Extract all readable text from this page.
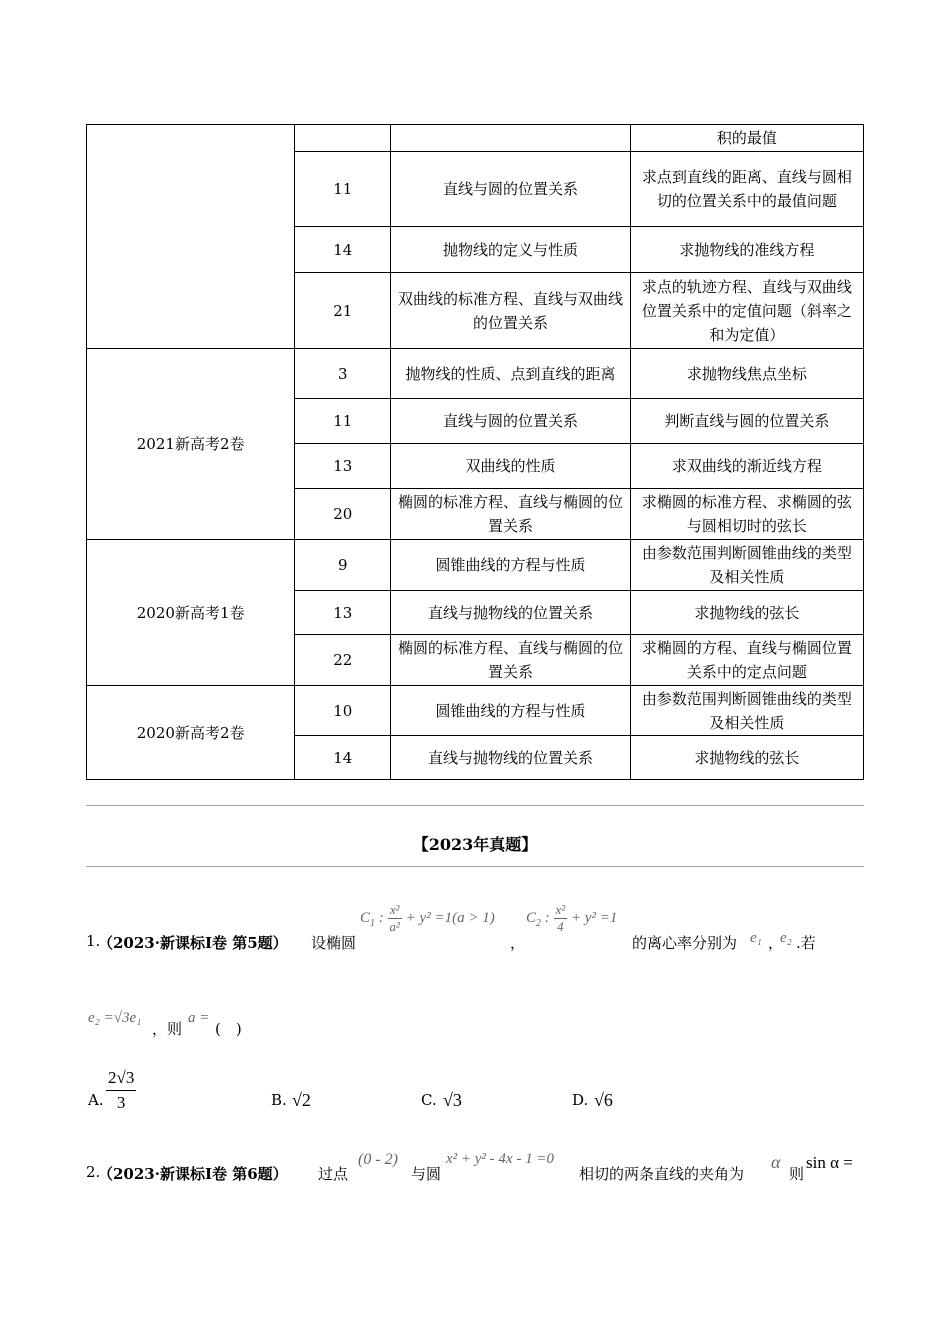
			积的最值
	11	直线与圆的位置关系	求点到直线的距离、直线与圆相切的位置关系中的最值问题
	14	抛物线的定义与性质	求抛物线的准线方程
	21	双曲线的标准方程、直线与双曲线的位置关系	求点的轨迹方程、直线与双曲线位置关系中的定值问题（斜率之和为定值）
2021新高考2卷	3	抛物线的性质、点到直线的距离	求抛物线焦点坐标
	11	直线与圆的位置关系	判断直线与圆的位置关系
	13	双曲线的性质	求双曲线的渐近线方程
	20	椭圆的标准方程、直线与椭圆的位置关系	求椭圆的标准方程、求椭圆的弦与圆相切时的弦长
2020新高考1卷	9	圆锥曲线的方程与性质	由参数范围判断圆锥曲线的类型及相关性质
	13	直线与抛物线的位置关系	求抛物线的弦长
	22	椭圆的标准方程、直线与椭圆的位置关系	求椭圆的方程、直线与椭圆位置关系中的定点问题
2020新高考2卷	10	圆锥曲线的方程与性质	由参数范围判断圆锥曲线的类型及相关性质
	14	直线与抛物线的位置关系	求抛物线的弦长
【2023年真题】
1.
（2023·新课标I卷 第5题） 设椭圆
$C_1$ : $\frac{\text{x²}}{\text{a²}} + y^2 =1(a > 1)$
，
$C_2$ : $\frac{\text{x²}}{4} + y^2 =1$
的离心率分别为 e₁ ，
e₂ .若
e₂ =√3e₁
，则
a =
(　)
A. $\frac{2√3}{3}$	B. √2	C. √3	D. √6
2.
（2023·新课标I卷 第6题） 过点
(0 - 2)
与圆
x² + y² - 4x - 1 =0
相切的两条直线的夹角为
α
则
sin α =
